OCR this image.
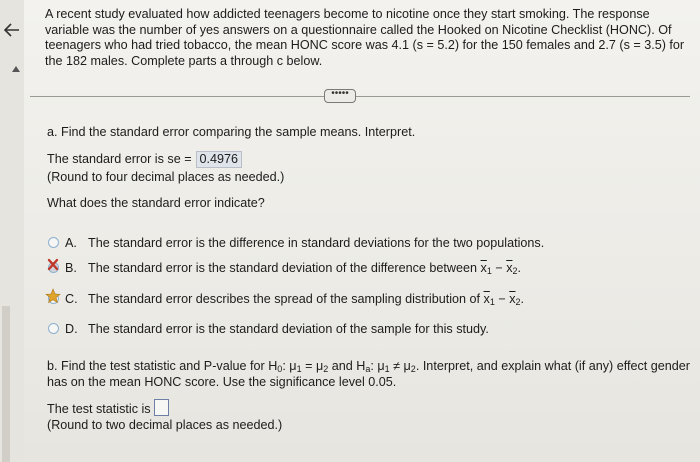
A recent study evaluated how addicted teenagers become to nicotine once they start smoking. The response variable was the number of yes answers on a questionnaire called the Hooked on Nicotine Checklist (HONC). Of teenagers who had tried tobacco, the mean HONC score was 4.1 (s = 5.2) for the 150 females and 2.7 (s = 3.5) for the 182 males. Complete parts a through c below.

•••••

a. Find the standard error comparing the sample means. Interpret.

The standard error is se = 0.4976

(Round to four decimal places as needed.)

What does the standard error indicate?

A. The standard error is the difference in standard deviations for the two populations.
B. The standard error is the standard deviation of the difference between $\overline{x}_1 - \overline{x}_2$.
C. The standard error describes the spread of the sampling distribution of $\overline{x}_1 - \overline{x}_2$.
D. The standard error is the standard deviation of the sample for this study.

b. Find the test statistic and P-value for $H_0$: $\mu_1 = \mu_2$ and $H_a$: $\mu_1 \ne \mu_2$. Interpret, and explain what (if any) effect gender

has on the mean HONC score. Use the significance level 0.05.

The test statistic is

(Round to two decimal places as needed.)
